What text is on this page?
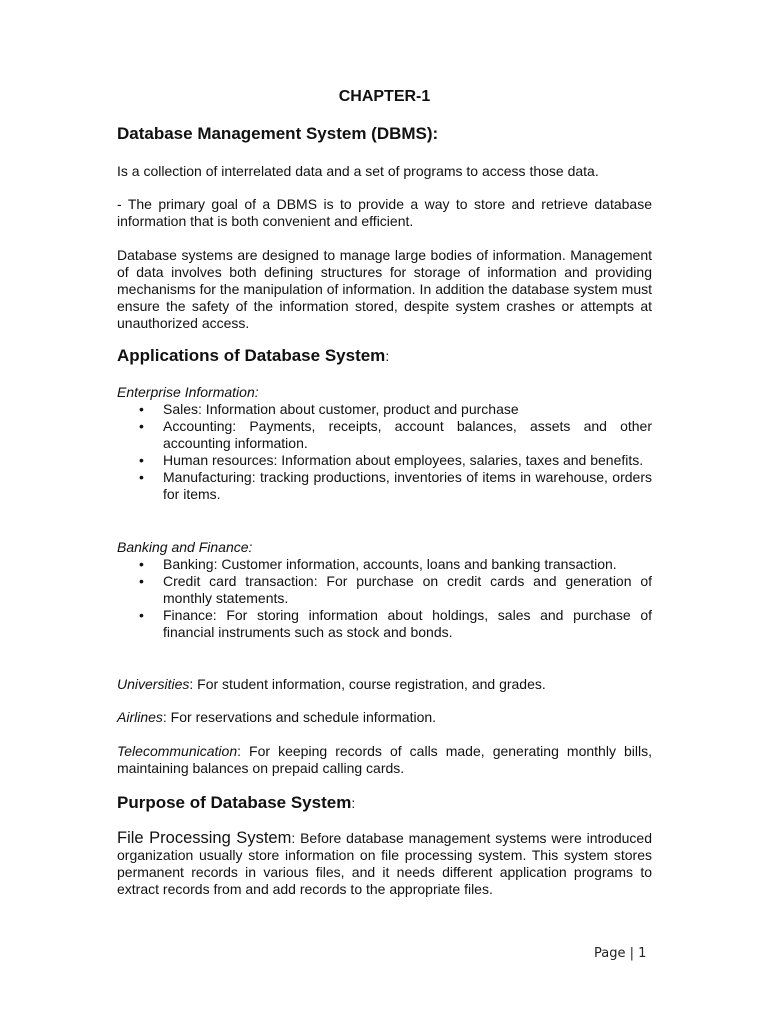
CHAPTER-1
Database Management System (DBMS):
Is a collection of interrelated data and a set of programs to access those data.
- The primary goal of a DBMS is to provide a way to store and retrieve database information that is both convenient and efficient.
Database systems are designed to manage large bodies of information. Management of data involves both defining structures for storage of information and providing mechanisms for the manipulation of information. In addition the database system must ensure the safety of the information stored, despite system crashes or attempts at unauthorized access.
Applications of Database System:
Enterprise Information:
• Sales: Information about customer, product and purchase
• Accounting: Payments, receipts, account balances, assets and other accounting information.
• Human resources: Information about employees, salaries, taxes and benefits.
• Manufacturing: tracking productions, inventories of items in warehouse, orders for items.
Banking and Finance:
• Banking: Customer information, accounts, loans and banking transaction.
• Credit card transaction: For purchase on credit cards and generation of monthly statements.
• Finance: For storing information about holdings, sales and purchase of financial instruments such as stock and bonds.
Universities: For student information, course registration, and grades.
Airlines: For reservations and schedule information.
Telecommunication: For keeping records of calls made, generating monthly bills, maintaining balances on prepaid calling cards.
Purpose of Database System:
File Processing System: Before database management systems were introduced organization usually store information on file processing system. This system stores permanent records in various files, and it needs different application programs to extract records from and add records to the appropriate files.
Page | 1
